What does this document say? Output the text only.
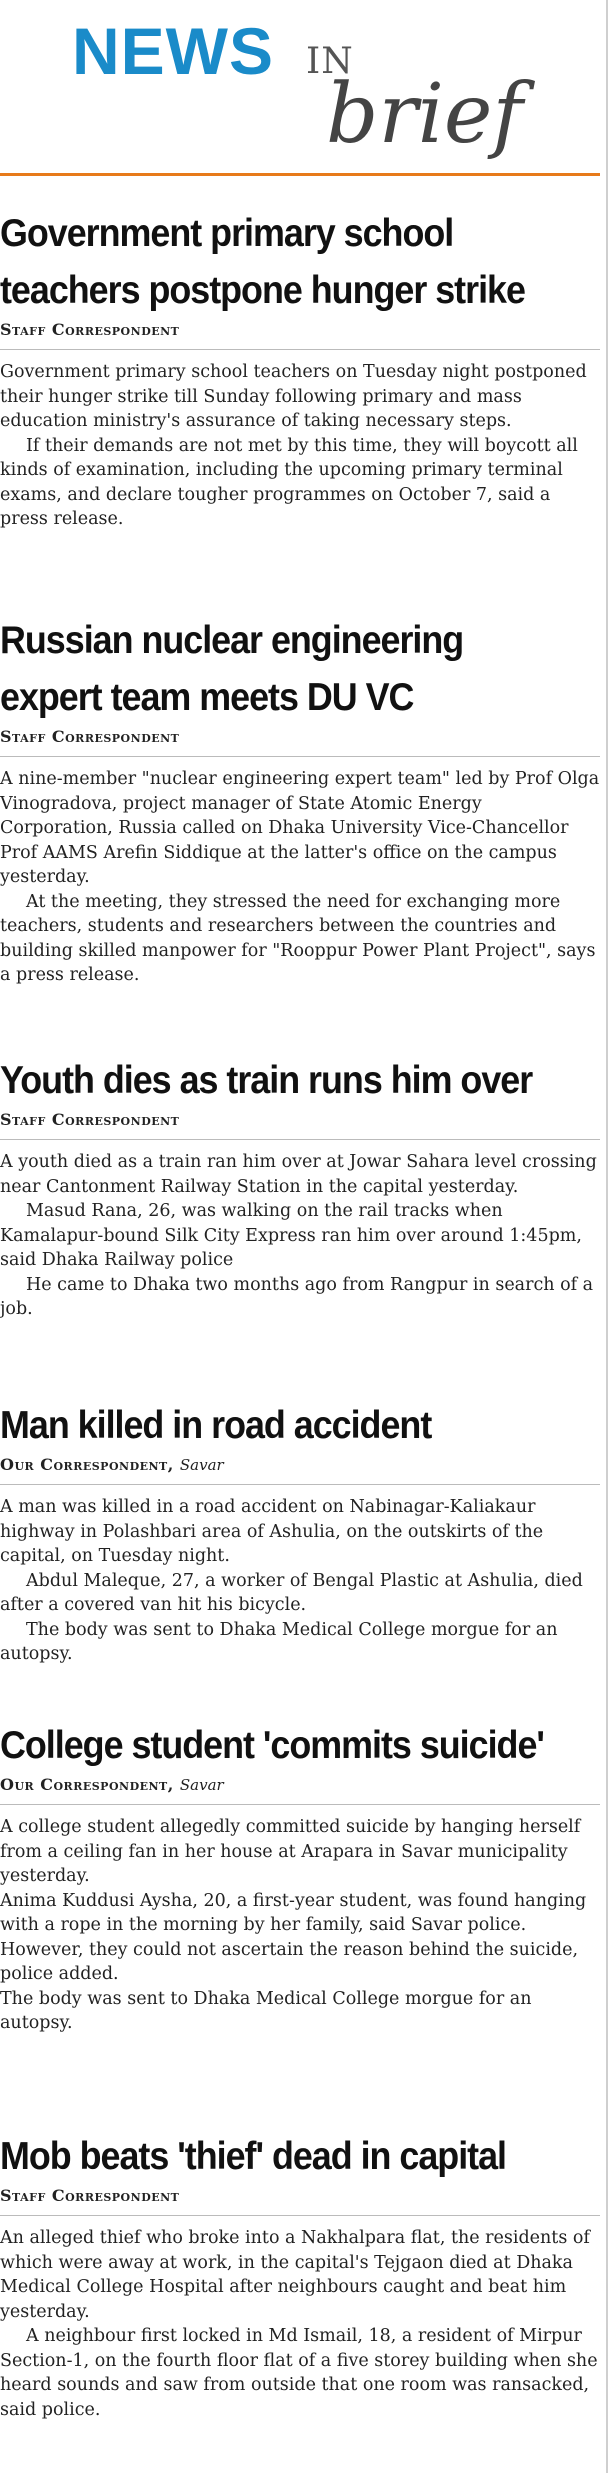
NEWS IN
brief
Government primary school
teachers postpone hunger strike
Staff Correspondent

Government primary school teachers on Tuesday night postponed their hunger strike till Sunday following primary and mass education ministry's assurance of taking necessary steps.

If their demands are not met by this time, they will boycott all kinds of examination, including the upcoming primary terminal exams, and declare tougher programmes on October 7, said a press release.

Russian nuclear engineering
expert team meets DU VC
Staff Correspondent

A nine-member "nuclear engineering expert team" led by Prof Olga Vinogradova, project manager of State Atomic Energy Corporation, Russia called on Dhaka University Vice-Chancellor Prof AAMS Arefin Siddique at the latter's office on the campus yesterday.

At the meeting, they stressed the need for exchanging more teachers, students and researchers between the countries and building skilled manpower for "Rooppur Power Plant Project", says a press release.

Youth dies as train runs him over
Staff Correspondent

A youth died as a train ran him over at Jowar Sahara level crossing near Cantonment Railway Station in the capital yesterday.

Masud Rana, 26, was walking on the rail tracks when Kamalapur-bound Silk City Express ran him over around 1:45pm, said Dhaka Railway police

He came to Dhaka two months ago from Rangpur in search of a job.

Man killed in road accident
Our Correspondent, Savar

A man was killed in a road accident on Nabinagar-Kaliakaur highway in Polashbari area of Ashulia, on the outskirts of the capital, on Tuesday night.

Abdul Maleque, 27, a worker of Bengal Plastic at Ashulia, died after a covered van hit his bicycle.

The body was sent to Dhaka Medical College morgue for an autopsy.

College student 'commits suicide'
Our Correspondent, Savar

A college student allegedly committed suicide by hanging herself from a ceiling fan in her house at Arapara in Savar municipality yesterday.

Anima Kuddusi Aysha, 20, a first-year student, was found hanging with a rope in the morning by her family, said Savar police.

However, they could not ascertain the reason behind the suicide, police added.

The body was sent to Dhaka Medical College morgue for an autopsy.

Mob beats 'thief' dead in capital
Staff Correspondent

An alleged thief who broke into a Nakhalpara flat, the residents of which were away at work, in the capital's Tejgaon died at Dhaka Medical College Hospital after neighbours caught and beat him yesterday.

A neighbour first locked in Md Ismail, 18, a resident of Mirpur Section-1, on the fourth floor flat of a five storey building when she heard sounds and saw from outside that one room was ransacked, said police.
